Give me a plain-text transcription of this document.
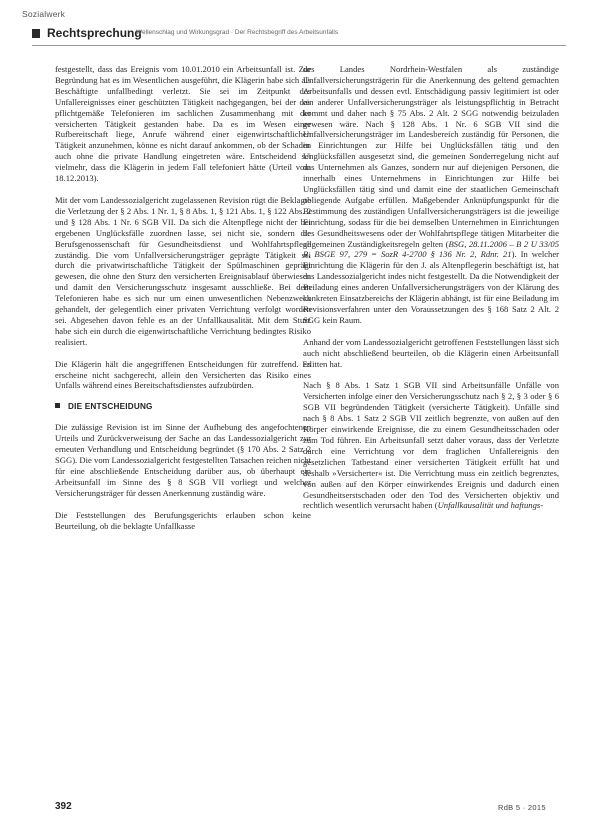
Sozialwerk
Rechtsprechung
Wellenschlag und Wirkungsgrad · Der Rechtsbegriff des Arbeitsunfalls

festgestellt, dass das Ereignis vom 10.01.2010 ein Arbeitsunfall ist. Zur Begründung hat es im Wesentlichen ausgeführt, die Klägerin habe sich als Beschäftigte unfallbedingt verletzt. Sie sei im Zeitpunkt des Unfallereignisses einer geschützten Tätigkeit nachgegangen, bei der das pflichtgemäße Telefonieren im sachlichen Zusammenhang mit der versicherten Tätigkeit gestanden habe. Da es im Wesen einer Rufbereitschaft liege, Anrufe während einer eigenwirtschaftlichen Tätigkeit anzunehmen, könne es nicht darauf ankommen, ob der Schaden auch ohne die private Handlung eingetreten wäre. Entscheidend sei vielmehr, dass die Klägerin in jedem Fall telefoniert hätte (Urteil vom 18.12.2013).

Mit der vom Landessozialgericht zugelassenen Revision rügt die Beklagte die Verletzung der § 2 Abs. 1 Nr. 1, § 8 Abs. 1, § 121 Abs. 1, § 122 Abs. 2 und § 128 Abs. 1 Nr. 6 SGB VII. Da sich die Altenpflege nicht der bei ergebenen Unglücksfälle zuordnen lasse, sei nicht sie, sondern die Berufsgenossenschaft für Gesundheitsdienst und Wohlfahrtspflege zuständig. Die vom Unfallversicherungsträger geprägte Tätigkeit sei durch die privatwirtschaftliche Tätigkeit der Spülmaschinen geprägt gewesen, die ohne den Sturz den versicherten Ereignisablauf überwiesen und damit den Versicherungsschutz insgesamt ausschließe. Bei dem Telefonieren habe es sich nur um einen unwesentlichen Nebenzweck gehandelt, der gelegentlich einer privaten Verrichtung verfolgt worden sei. Abgesehen davon fehle es an der Unfallkausalität. Mit dem Sturz habe sich ein durch die eigenwirtschaftliche Verrichtung bedingtes Risiko realisiert.

Die Klägerin hält die angegriffenen Entscheidungen für zutreffend. Es erscheine nicht sachgerecht, allein den Versicherten das Risiko eines Unfalls während eines Bereitschaftsdienstes aufzubürden.

DIE ENTSCHEIDUNG

Die zulässige Revision ist im Sinne der Aufhebung des angefochtenen Urteils und Zurückverweisung der Sache an das Landessozialgericht zur erneuten Verhandlung und Entscheidung begründet (§ 170 Abs. 2 Satz 2 SGG). Die vom Landessozialgericht festgestellten Tatsachen reichen nicht für eine abschließende Entscheidung darüber aus, ob überhaupt ein Arbeitsunfall im Sinne des § 8 SGB VII vorliegt und welcher Versicherungsträger für dessen Anerkennung zuständig wäre.

Die Feststellungen des Berufungsgerichts erlauben schon keine Beurteilung, ob die beklagte Unfallkasse

des Landes Nordrhein-Westfalen als zuständige Unfallversicherungsträgerin für die Anerkennung des geltend gemachten Arbeitsunfalls und dessen evtl. Entschädigung passiv legitimiert ist oder ein anderer Unfallversicherungsträger als leistungspflichtig in Betracht kommt und daher nach § 75 Abs. 2 Alt. 2 SGG notwendig beizuladen gewesen wäre. Nach § 128 Abs. 1 Nr. 6 SGB VII sind die Unfallversicherungsträger im Landesbereich zuständig für Personen, die in Einrichtungen zur Hilfe bei Unglücksfällen tätig und den Unglücksfällen ausgesetzt sind, die gemeinen Sonderregelung nicht auf das Unternehmen als Ganzes, sondern nur auf diejenigen Personen, die innerhalb eines Unternehmens in Einrichtungen zur Hilfe bei Unglücksfällen tätig sind und damit eine der staatlichen Gemeinschaft obliegende Aufgabe erfüllen. Maßgebender Anknüpfungspunkt für die Bestimmung des zuständigen Unfallversicherungsträgers ist die jeweilige Einrichtung, sodass für die bei demselben Unternehmen in Einrichtungen des Gesundheitswesens oder der Wohlfahrtspflege tätigen Mitarbeiter die allgemeinen Zuständigkeitsregeln gelten (BSG, 28.11.2006 – B 2 U 33/05 R, BSGE 97, 279 = SozR 4-2700 § 136 Nr. 2, Rdnr. 21). In welcher Einrichtung die Klägerin für den J. als Altenpflegerin beschäftigt ist, hat das Landessozialgericht indes nicht festgestellt. Da die Notwendigkeit der Beiladung eines anderen Unfallversicherungsträgers von der Klärung des konkreten Einsatzbereichs der Klägerin abhängt, ist für eine Beiladung im Revisionsverfahren unter den Voraussetzungen des § 168 Satz 2 Alt. 2 SGG kein Raum.

Anhand der vom Landessozialgericht getroffenen Feststellungen lässt sich auch nicht abschließend beurteilen, ob die Klägerin einen Arbeitsunfall erlitten hat.

Nach § 8 Abs. 1 Satz 1 SGB VII sind Arbeitsunfälle Unfälle von Versicherten infolge einer den Versicherungsschutz nach § 2, § 3 oder § 6 SGB VII begründenden Tätigkeit (versicherte Tätigkeit). Unfälle sind nach § 8 Abs. 1 Satz 2 SGB VII zeitlich begrenzte, von außen auf den Körper einwirkende Ereignisse, die zu einem Gesundheitsschaden oder zum Tod führen. Ein Arbeitsunfall setzt daher voraus, dass der Verletzte durch eine Verrichtung vor dem fraglichen Unfallereignis den gesetzlichen Tatbestand einer versicherten Tätigkeit erfüllt hat und deshalb »Versicherter« ist. Die Verrichtung muss ein zeitlich begrenztes, von außen auf den Körper einwirkendes Ereignis und dadurch einen Gesundheitserstschaden oder den Tod des Versicherten objektiv und rechtlich wesentlich verursacht haben (Unfallkausalität und haftungs-

392	RdB 5 · 2015
